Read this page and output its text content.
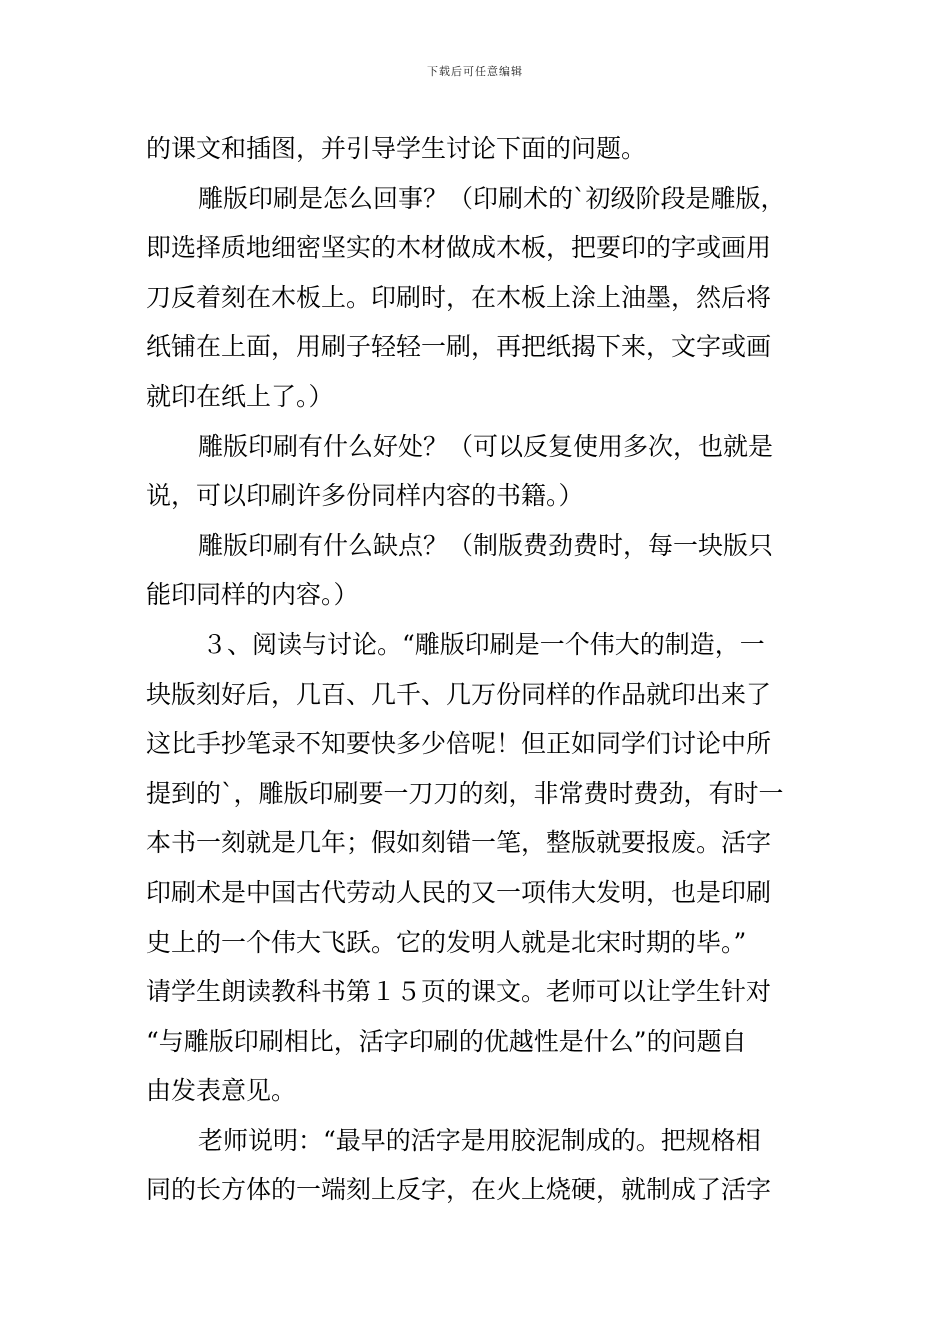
下载后可任意编辑
的课文和插图，并引导学生讨论下面的问题。
雕版印刷是怎么回事？（印刷术的`初级阶段是雕版，
即选择质地细密坚实的木材做成木板，把要印的字或画用
刀反着刻在木板上。印刷时，在木板上涂上油墨，然后将
纸铺在上面，用刷子轻轻一刷，再把纸揭下来，文字或画
就印在纸上了。）
雕版印刷有什么好处？（可以反复使用多次，也就是
说，可以印刷许多份同样内容的书籍。）
雕版印刷有什么缺点？（制版费劲费时，每一块版只
能印同样的内容。）
３、阅读与讨论。“雕版印刷是一个伟大的制造，一
块版刻好后，几百、几千、几万份同样的作品就印出来了
这比手抄笔录不知要快多少倍呢！但正如同学们讨论中所
提到的`，雕版印刷要一刀刀的刻，非常费时费劲，有时一
本书一刻就是几年；假如刻错一笔，整版就要报废。活字
印刷术是中国古代劳动人民的又一项伟大发明，也是印刷
史上的一个伟大飞跃。它的发明人就是北宋时期的毕。”
请学生朗读教科书第１５页的课文。老师可以让学生针对
“与雕版印刷相比，活字印刷的优越性是什么”的问题自
由发表意见。
老师说明：“最早的活字是用胶泥制成的。把规格相
同的长方体的一端刻上反字，在火上烧硬，就制成了活字
